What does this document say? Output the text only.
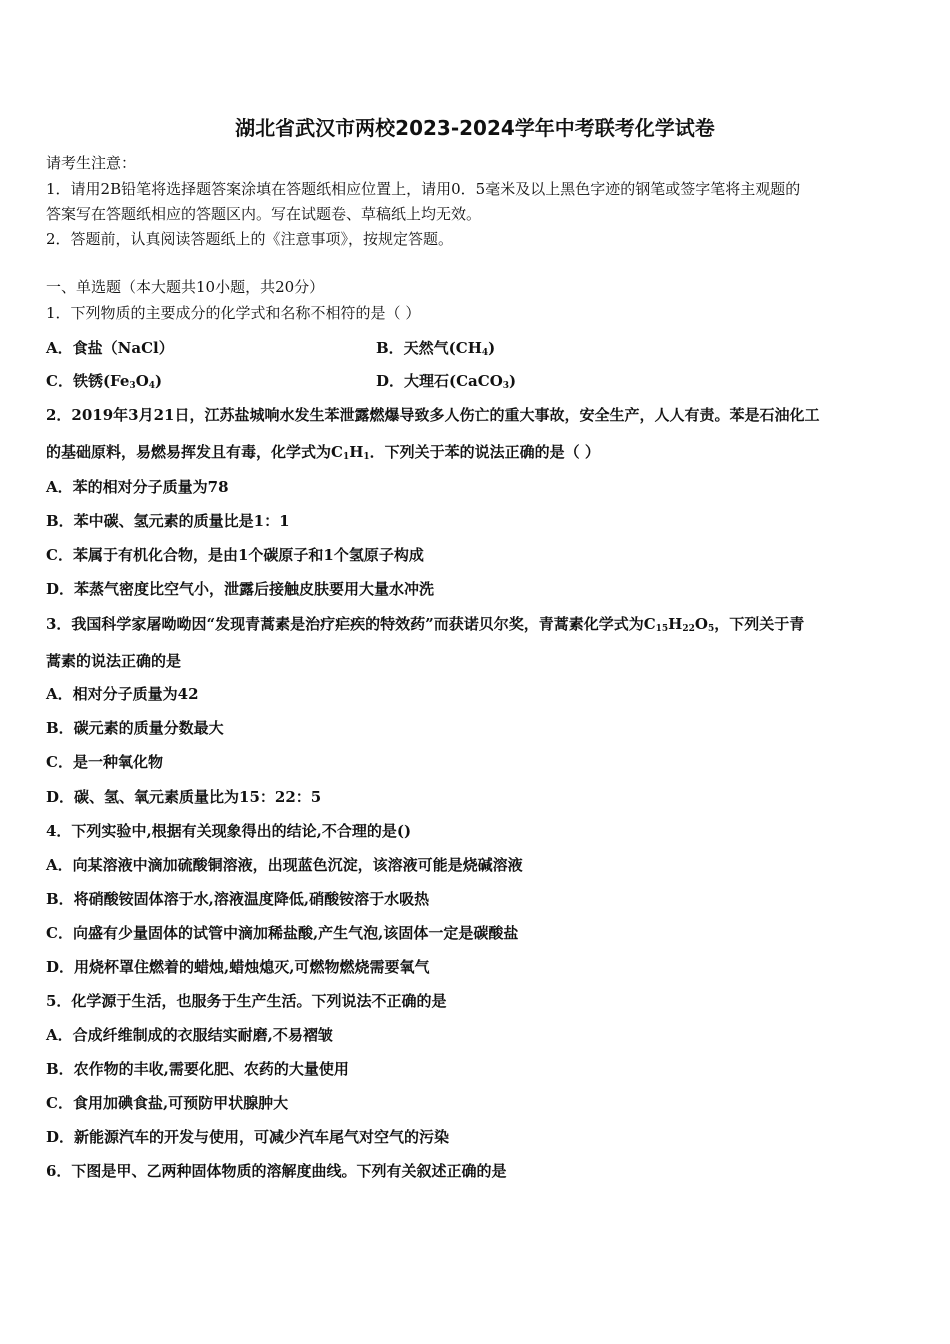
湖北省武汉市两校2023-2024学年中考联考化学试卷
请考生注意：
1．请用2B铅笔将选择题答案涂填在答题纸相应位置上，请用0．5毫米及以上黑色字迹的钢笔或签字笔将主观题的
答案写在答题纸相应的答题区内。写在试题卷、草稿纸上均无效。
2．答题前，认真阅读答题纸上的《注意事项》，按规定答题。
一、单选题（本大题共10小题，共20分）
1．下列物质的主要成分的化学式和名称不相符的是（ ）
A．食盐（NaCl）	B．天然气$(CH_4)$
C．铁锈$(Fe_3O_4)$	D．大理石(CaCO$_3$)
2．2019年3月21日，江苏盐城响水发生苯泄露燃爆导致多人伤亡的重大事故，安全生产，人人有责。苯是石油化工
的基础原料，易燃易挥发且有毒，化学式为$C_1H_1$．下列关于苯的说法正确的是（ ）
A．苯的相对分子质量为78
B．苯中碳、氢元素的质量比是1：1
C．苯属于有机化合物，是由1个碳原子和1个氢原子构成
D．苯蒸气密度比空气小，泄露后接触皮肤要用大量水冲洗
3．我国科学家屠呦呦因“发现青蒿素是治疗疟疾的特效药”而获诺贝尔奖，青蒿素化学式为$C_{15}H_{22}O_5$，下列关于青
蒿素的说法正确的是
A．相对分子质量为42
B．碳元素的质量分数最大
C．是一种氧化物
D．碳、氢、氧元素质量比为15：22：5
4．下列实验中,根据有关现象得出的结论,不合理的是()
A．向某溶液中滴加硫酸铜溶液，出现蓝色沉淀，该溶液可能是烧碱溶液
B．将硝酸铵固体溶于水,溶液温度降低,硝酸铵溶于水吸热
C．向盛有少量固体的试管中滴加稀盐酸,产生气泡,该固体一定是碳酸盐
D．用烧杯罩住燃着的蜡烛,蜡烛熄灭,可燃物燃烧需要氧气
5．化学源于生活，也服务于生产生活。下列说法不正确的是
A．合成纤维制成的衣服结实耐磨,不易褶皱
B．农作物的丰收,需要化肥、农药的大量使用
C．食用加碘食盐,可预防甲状腺肿大
D．新能源汽车的开发与使用，可减少汽车尾气对空气的污染
6．下图是甲、乙两种固体物质的溶解度曲线。下列有关叙述正确的是
